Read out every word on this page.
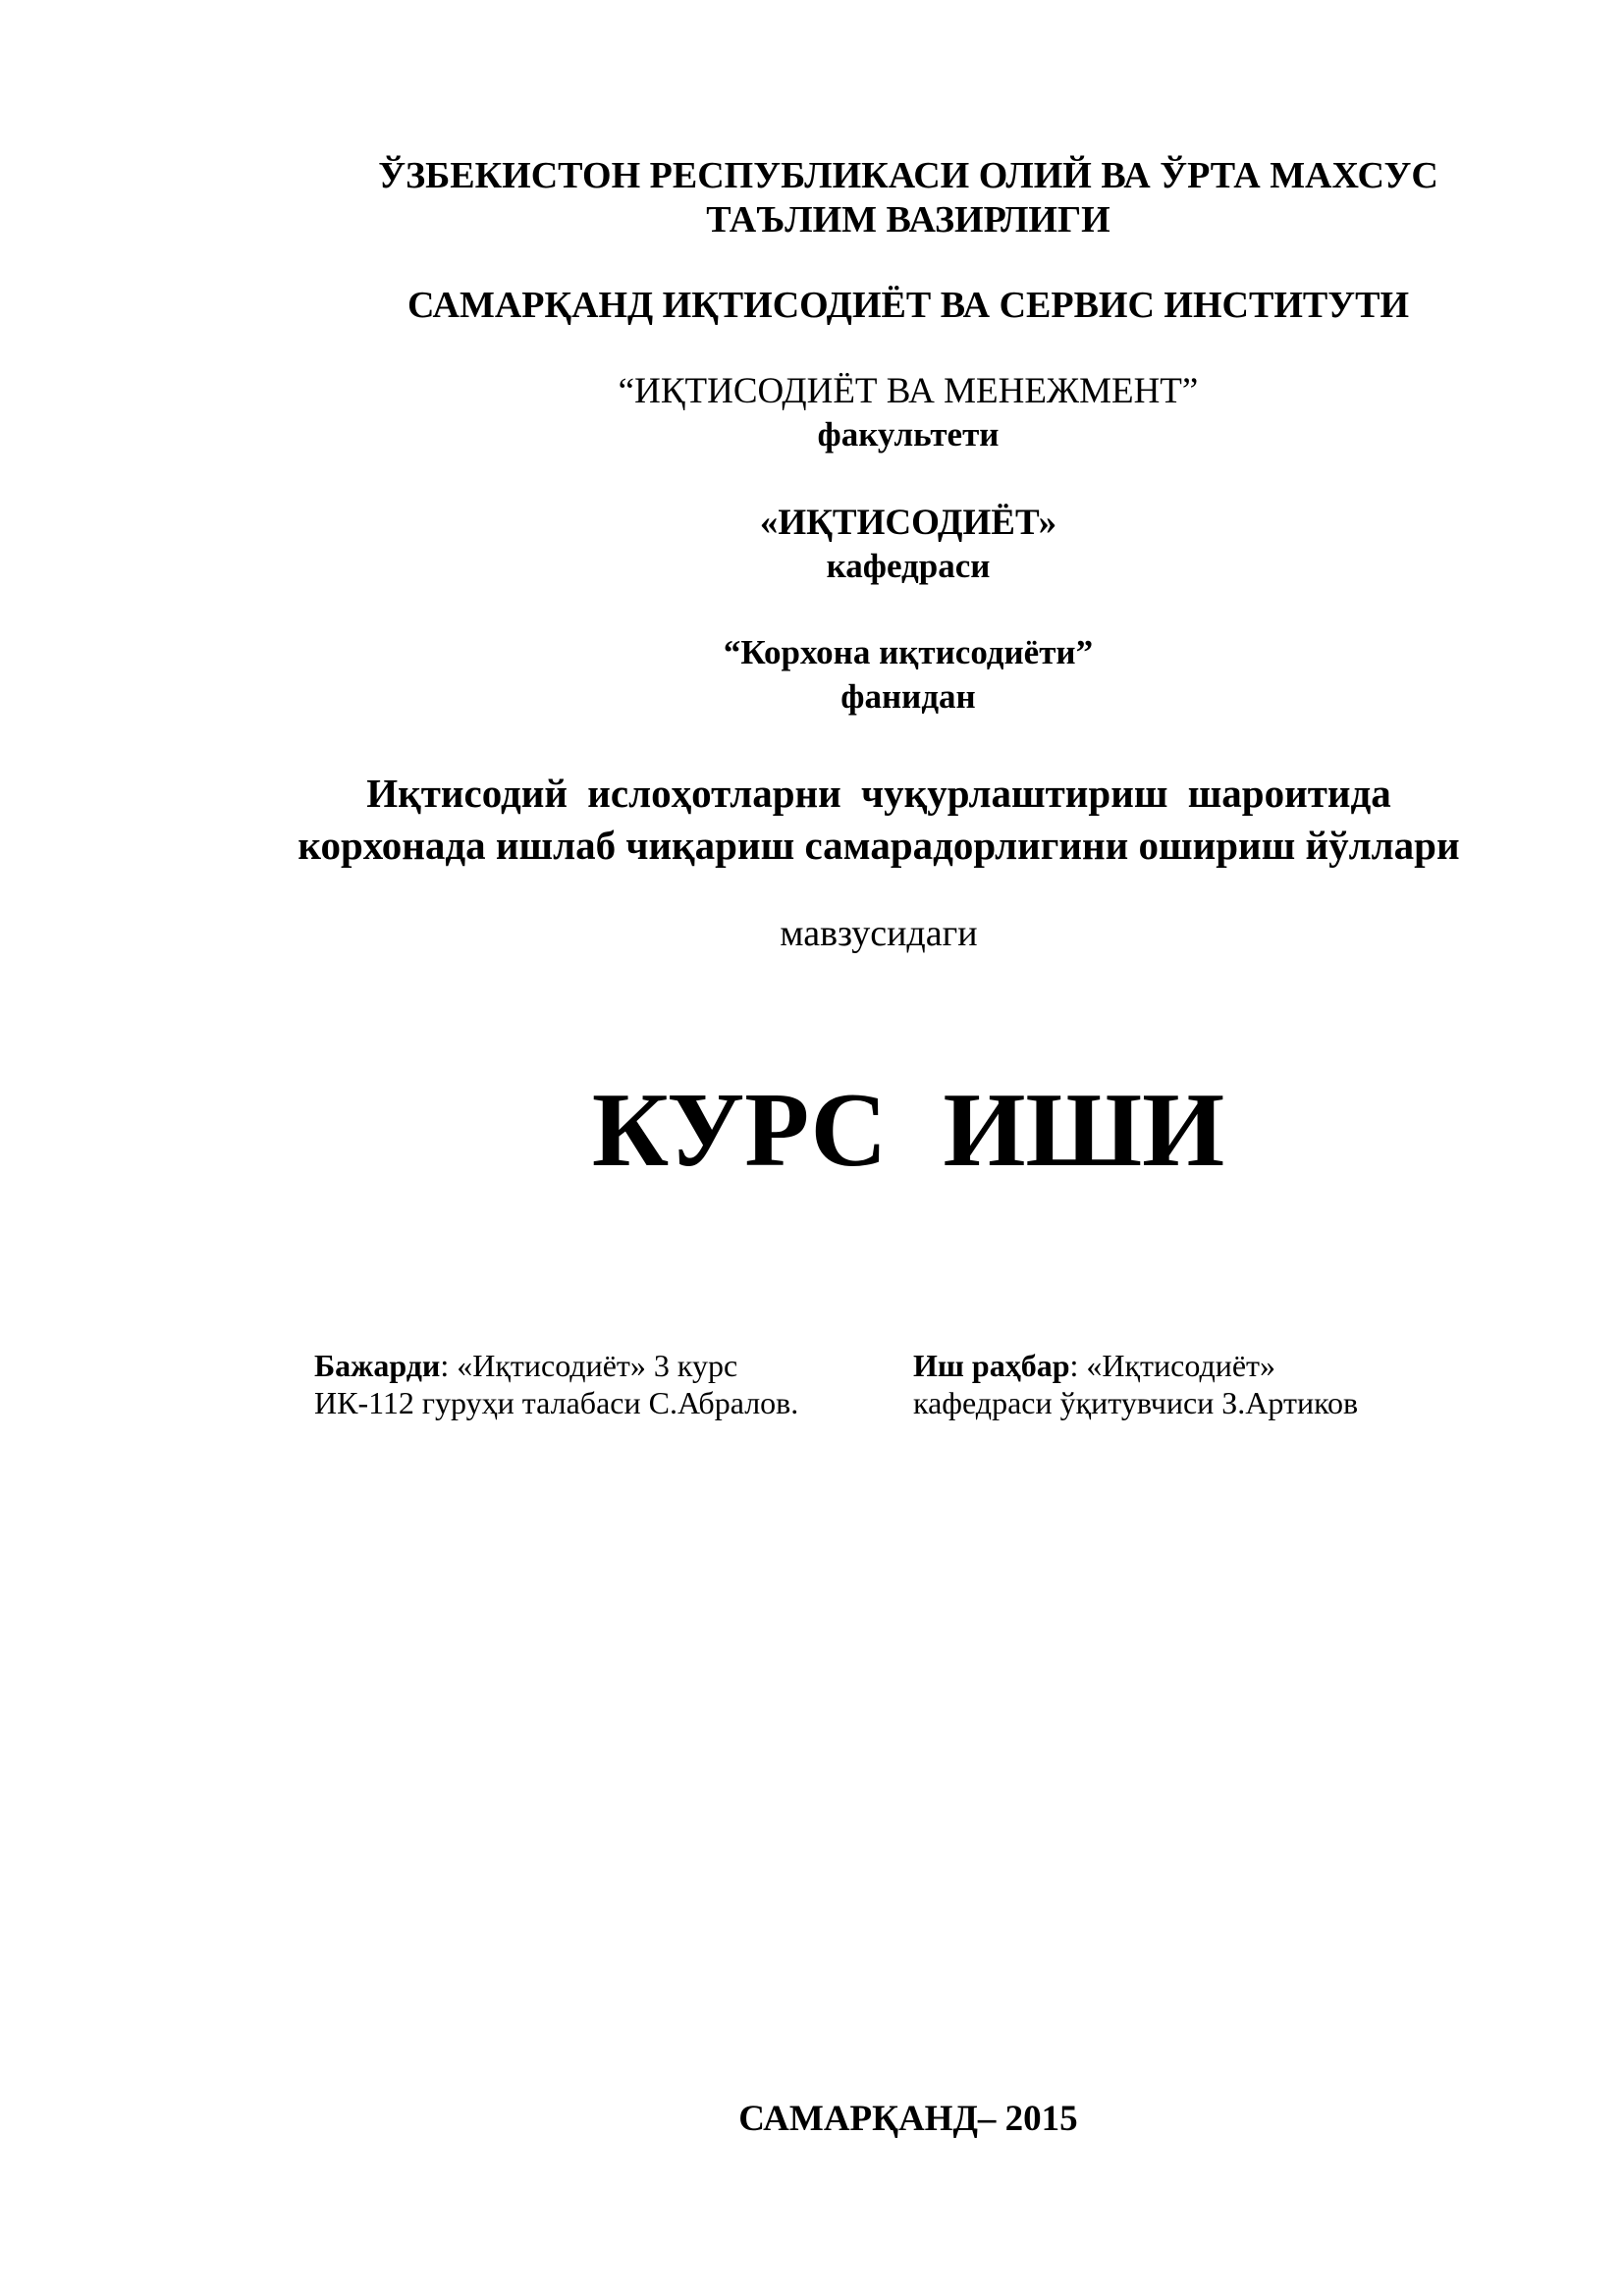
ЎЗБЕКИСТОН РЕСПУБЛИКАСИ ОЛИЙ ВА ЎРТА МАХСУС
ТАЪЛИМ ВАЗИРЛИГИ
САМАРҚАНД ИҚТИСОДИЁТ ВА СЕРВИС ИНСТИТУТИ
“ИҚТИСОДИЁТ ВА МЕНЕЖМЕНТ”
факультети
«ИҚТИСОДИЁТ»
кафедраси
“Корхона иқтисодиёти”
фанидан
Иқтисодий ислоҳотларни чуқурлаштириш шароитида
корхонада ишлаб чиқариш самарадорлигини ошириш йўллари
мавзусидаги
КУРС ИШИ
Бажарди: «Иқтисодиёт» 3 курс
ИК-112 гуруҳи талабаси С.Абралов.
Иш раҳбар: «Иқтисодиёт»
кафедраси ўқитувчиси З.Артиков
САМАРҚАНД– 2015
